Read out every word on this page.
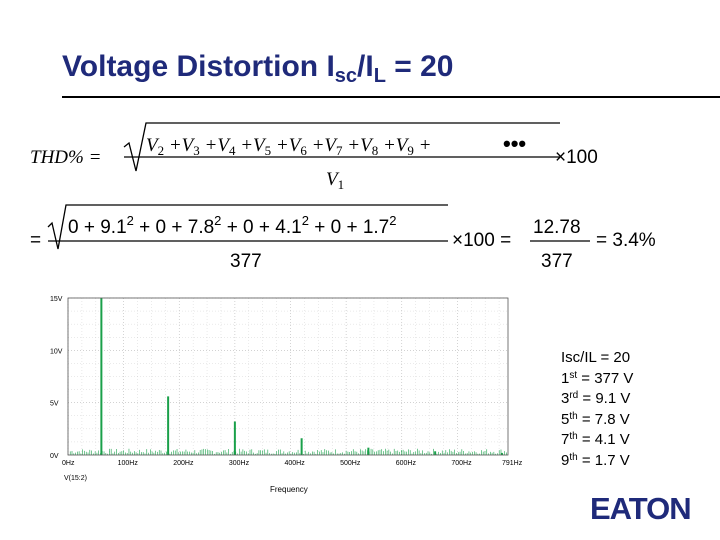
Voltage Distortion $I_{sc}/I_L = 20$
THD% =
$V_2 +V_3 +V_4 +V_5 +V_6 +V_7 +V_8 +V_9$ +	•••
$V_1$
×100
=
$0 + 9.1^2 + 0 + 7.8^2 + 0 + 4.1^2 + 0 + 1.7^2$
377
×100 =
12.78
377
= 3.4%
15V
10V
5V
0V
0Hz	100Hz	200Hz	300Hz	400Hz	500Hz	600Hz	700Hz	791Hz
Frequency
V(15:2)
Isc/IL = 20
1st = 377 V
3rd = 9.1 V
5th = 7.8 V
7th = 4.1 V
9th = 1.7 V
EATON
